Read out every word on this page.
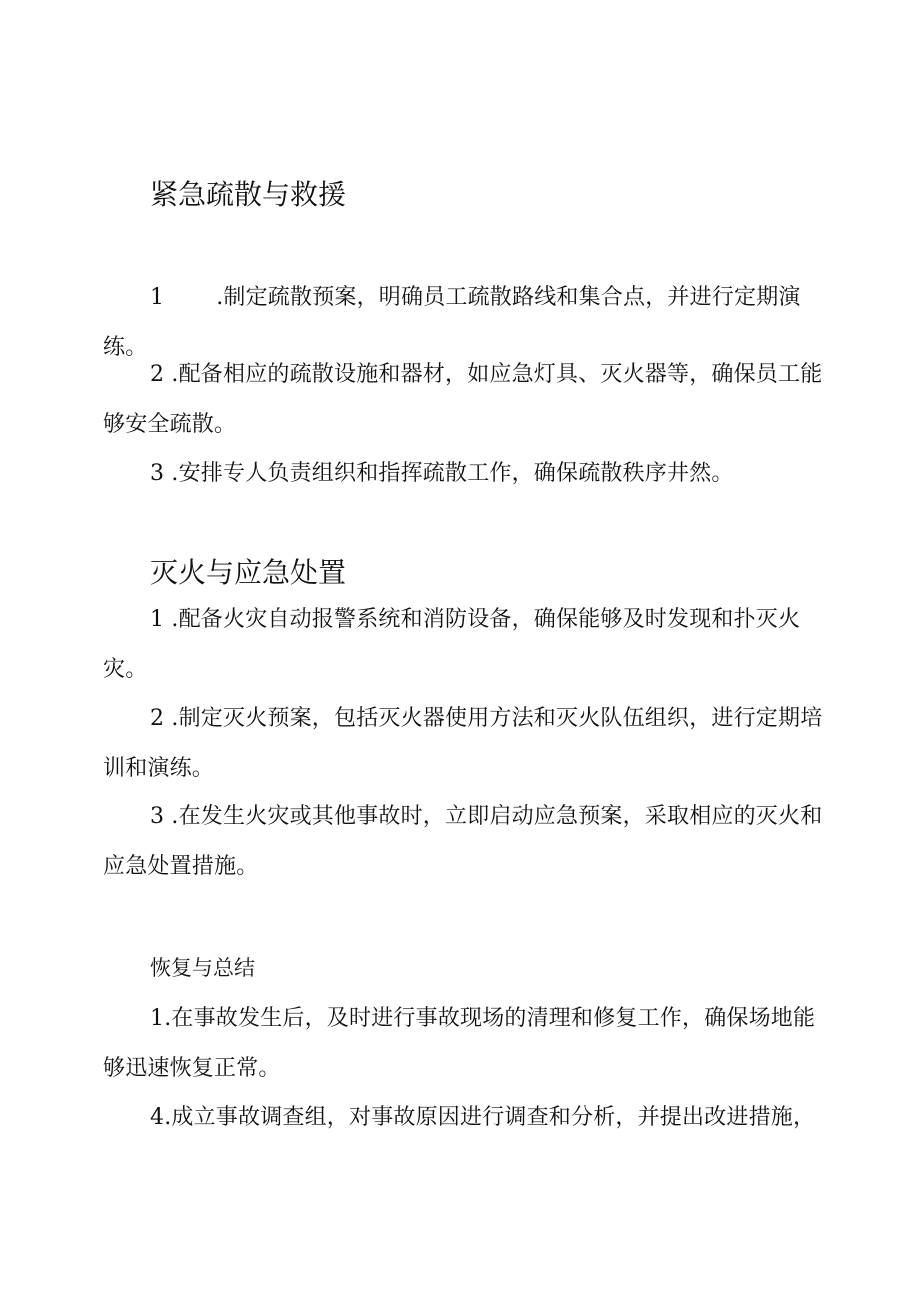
紧急疏散与救援
1 .制定疏散预案，明确员工疏散路线和集合点，并进行定期演练。
2 .配备相应的疏散设施和器材，如应急灯具、灭火器等，确保员工能够安全疏散。
3 .安排专人负责组织和指挥疏散工作，确保疏散秩序井然。
灭火与应急处置
1 .配备火灾自动报警系统和消防设备，确保能够及时发现和扑灭火灾。
2 .制定灭火预案，包括灭火器使用方法和灭火队伍组织，进行定期培训和演练。
3 .在发生火灾或其他事故时，立即启动应急预案，采取相应的灭火和应急处置措施。
恢复与总结
1.在事故发生后，及时进行事故现场的清理和修复工作，确保场地能够迅速恢复正常。
4.成立事故调查组，对事故原因进行调查和分析，并提出改进措施，
